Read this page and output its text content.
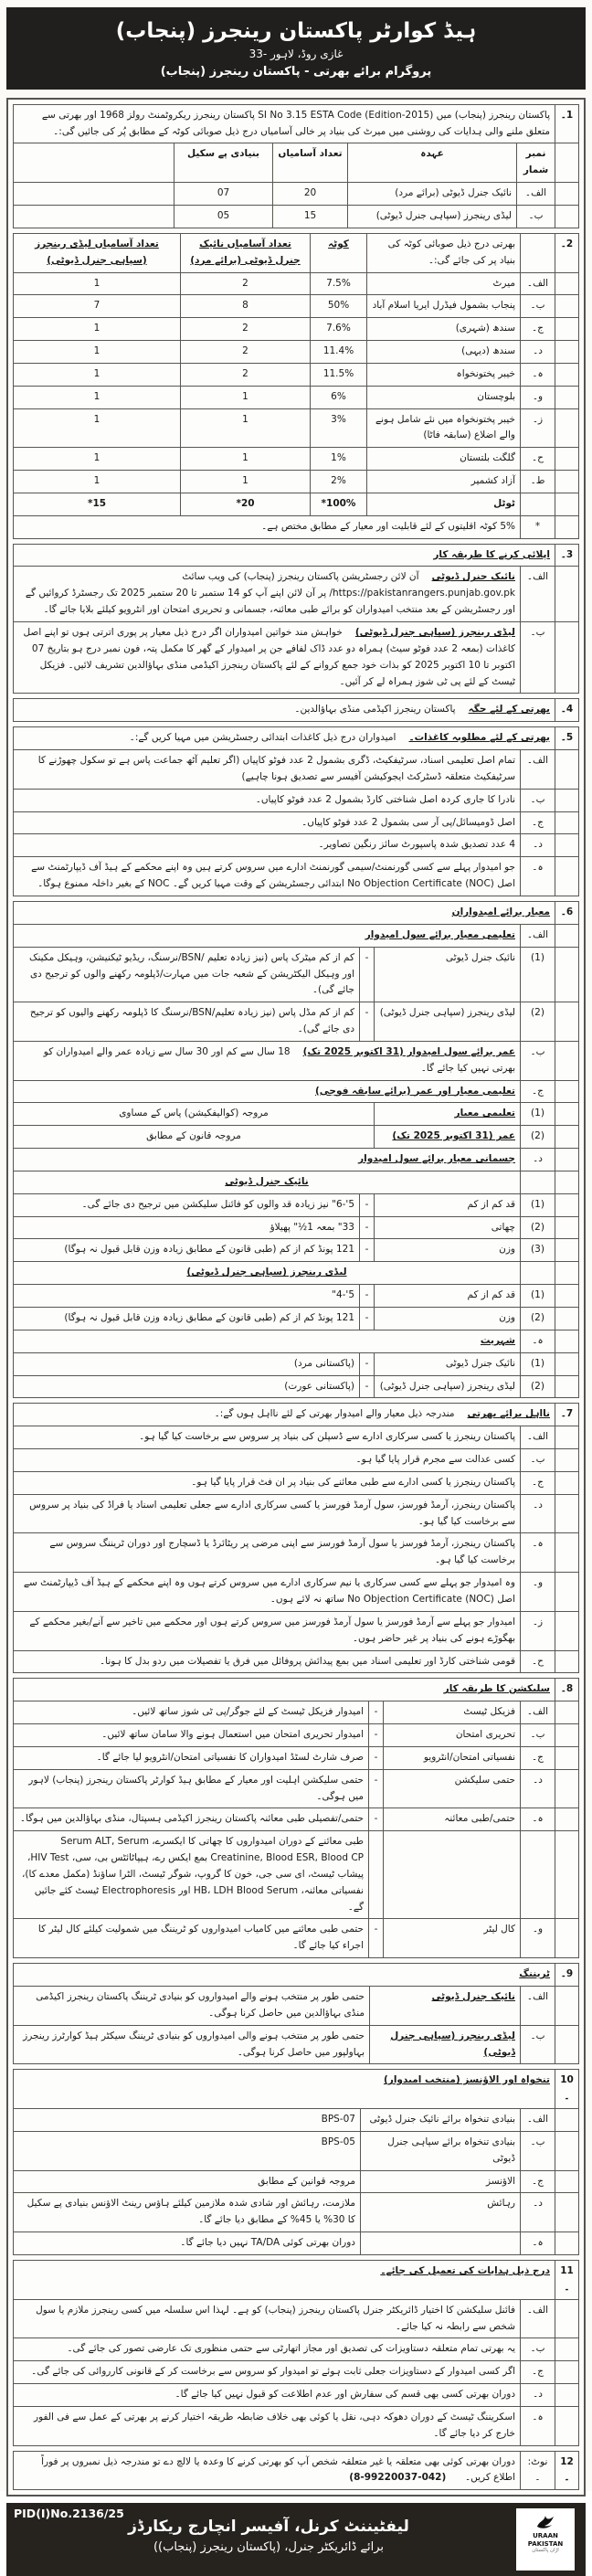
ہیڈ کوارٹر پاکستان رینجرز (پنجاب)
غازی روڈ، لاہور -33
پروگرام برائے بھرتی - پاکستان رینجرز (پنجاب)
1۔	پاکستان رینجرز (پنجاب) میں SI No 3.15 ESTA Code (Edition-2015) پاکستان رینجرز ریکروٹمنٹ رولز 1968 اور بھرتی سے متعلق ملنے والی ہدایات کی روشنی میں میرٹ کی بنیاد پر خالی آسامیاں درج ذیل صوبائی کوٹہ کے مطابق پُر کی جائیں گی:۔				
	نمبر شمار	عہدہ	تعداد آسامیاں	بنیادی پے سکیل	
	الف۔	نائیک جنرل ڈیوٹی (برائے مرد)	20	07	
	ب۔	لیڈی رینجرز (سپاہی جنرل ڈیوٹی)	15	05	
2۔		بھرتی درج ذیل صوبائی کوٹہ کی بنیاد پر کی جائے گی:۔	کوٹہ	تعداد آسامیاں نائیک جنرل ڈیوٹی (برائے مرد)	تعداد آسامیاں لیڈی رینجرز (سپاہی جنرل ڈیوٹی)
	الف۔	میرٹ	7.5%	2	1
	ب۔	پنجاب بشمول فیڈرل ایریا اسلام آباد	50%	8	7
	ج۔	سندھ (شہری)	7.6%	2	1
	د۔	سندھ (دیہی)	11.4%	2	1
	ہ۔	خیبر پختونخواہ	11.5%	2	1
	و۔	بلوچستان	6%	1	1
	ز۔	خیبر پختونخواہ میں نئے شامل ہونے والے اضلاع (سابقہ فاٹا)	3%	1	1
	ح۔	گلگت بلتستان	1%	1	1
	ط۔	آزاد کشمیر	2%	1	1
		ٹوٹل	100%*	20*	15*
	*	5% کوٹہ اقلیتوں کے لئے قابلیت اور معیار کے مطابق مختص ہے۔			
3۔	اپلائی کرنے کا طریقہ کار	
	الف۔	نائیک جنرل ڈیوٹیآن لائن رجسٹریشن پاکستان رینجرز (پنجاب) کی ویب سائٹ https://pakistanrangers.punjab.gov.pk/ پر آن لائن اپنے آپ کو 14 ستمبر تا 20 ستمبر 2025 تک رجسٹرڈ کروائیں گے اور رجسٹریشن کے بعد منتخب امیدواران کو برائے طبی معائنہ، جسمانی و تحریری امتحان اور انٹرویو کیلئے بلایا جائے گا۔
	ب۔	لیڈی رینجرز (سپاہی جنرل ڈیوٹی)خواہش مند خواتین امیدواران اگر درج ذیل معیار پر پوری اترتی ہوں تو اپنے اصل کاغذات (بمعہ 2 عدد فوٹو سیٹ) ہمراہ دو عدد ڈاک لفافے جن پر امیدوار کے گھر کا مکمل پتہ، فون نمبر درج ہو بتاریخ 07 اکتوبر تا 10 اکتوبر 2025 کو بذات خود جمع کروانے کے لئے پاکستان رینجرز اکیڈمی منڈی بہاؤالدین تشریف لائیں۔ فزیکل ٹیسٹ کے لئے پی ٹی شوز ہمراہ لے کر آئیں۔
4۔	بھرتی کے لئے جگہپاکستان رینجرز اکیڈمی منڈی بہاؤالدین۔
5۔	بھرتی کے لئے مطلوبہ کاغذات۔امیدواران درج ذیل کاغذات ابتدائی رجسٹریشن میں مہیا کریں گے:۔	
	الف۔	تمام اصل تعلیمی اسناد، سرٹیفکیٹ، ڈگری بشمول 2 عدد فوٹو کاپیاں (اگر تعلیم آٹھ جماعت پاس ہے تو سکول چھوڑنے کا سرٹیفکیٹ متعلقہ ڈسٹرکٹ ایجوکیشن آفیسر سے تصدیق ہونا چاہیے)
	ب۔	نادرا کا جاری کردہ اصل شناختی کارڈ بشمول 2 عدد فوٹو کاپیاں۔
	ج۔	اصل ڈومیسائل/پی آر سی بشمول 2 عدد فوٹو کاپیاں۔
	د۔	4 عدد تصدیق شدہ پاسپورٹ سائز رنگین تصاویر۔
	ہ۔	جو امیدوار پہلے سے کسی گورنمنٹ/سیمی گورنمنٹ ادارے میں سروس کرتے ہیں وہ اپنے محکمے کے ہیڈ آف ڈیپارٹمنٹ سے اصل No Objection Certificate (NOC) ابتدائی رجسٹریشن کے وقت مہیا کریں گے۔ NOC کے بغیر داخلہ ممنوع ہوگا۔
6۔	معیار برائے امیدواران			
	الف۔	تعلیمی معیار برائے سول امیدوار		
	(1)	نائیک جنرل ڈیوٹی	-	کم از کم میٹرک پاس (نیز زیادہ تعلیم /BSN/نرسنگ، ریڈیو ٹیکنیشن، وہیکل مکینک اور وہیکل الیکٹریشن کے شعبہ جات میں مہارت/ڈپلومہ رکھنے والوں کو ترجیح دی جائے گی)۔
	(2)	لیڈی رینجرز (سپاہی جنرل ڈیوٹی)	-	کم از کم مڈل پاس (نیز زیادہ تعلیم/BSN/نرسنگ کا ڈپلومہ رکھنے والیوں کو ترجیح دی جائے گی)۔
	ب۔	عمر برائے سول امیدوار (31 اکتوبر 2025 تک)18 سال سے کم اور 30 سال سے زیادہ عمر والے امیدواران کو بھرتی نہیں کیا جائے گا۔		
	ج۔	تعلیمی معیار اور عمر (برائے سابقہ فوجی)		
	(1)	تعلیمی معیار	مروجہ (کوالیفکیشن) پاس کے مساوی	
	(2)	عمر (31 اکتوبر 2025 تک)	مروجہ قانون کے مطابق	
	د۔	جسمانی معیار برائے سول امیدوار		
		نائیک جنرل ڈیوٹی		
	(1)	قد کم از کم	-	5'-6" نیز زیادہ قد والوں کو فائنل سلیکشن میں ترجیح دی جائے گی۔
	(2)	چھاتی	-	33" بمعہ 1½" پھیلاؤ
	(3)	وزن	-	121 پونڈ کم از کم (طبی قانون کے مطابق زیادہ وزن قابل قبول نہ ہوگا)
		لیڈی رینجرز (سپاہی جنرل ڈیوٹی)		
	(1)	قد کم از کم	-	5'-4"
	(2)	وزن	-	121 پونڈ کم از کم (طبی قانون کے مطابق زیادہ وزن قابل قبول نہ ہوگا)
	ہ۔	شہریت		
	(1)	نائیک جنرل ڈیوٹی	-	(پاکستانی مرد)
	(2)	لیڈی رینجرز (سپاہی جنرل ڈیوٹی)	-	(پاکستانی عورت)
7۔	نااہل برائے بھرتیمندرجہ ذیل معیار والے امیدوار بھرتی کے لئے نااہل ہوں گے:۔	
	الف۔	پاکستان رینجرز یا کسی سرکاری ادارے سے ڈسپلن کی بنیاد پر سروس سے برخاست کیا گیا ہو۔
	ب۔	کسی عدالت سے مجرم قرار پایا گیا ہو۔
	ج۔	پاکستان رینجرز یا کسی ادارے سے طبی معائنے کی بنیاد پر ان فٹ قرار پایا گیا ہو۔
	د۔	پاکستان رینجرز، آرمڈ فورسز، سول آرمڈ فورسز یا کسی سرکاری ادارے سے جعلی تعلیمی اسناد یا فراڈ کی بنیاد پر سروس سے برخاست کیا گیا ہو۔
	ہ۔	پاکستان رینجرز، آرمڈ فورسز یا سول آرمڈ فورسز سے اپنی مرضی پر ریٹائرڈ یا ڈسچارج اور دوران ٹریننگ سروس سے برخاست کیا گیا ہو۔
	و۔	وہ امیدوار جو پہلے سے کسی سرکاری یا نیم سرکاری ادارے میں سروس کرتے ہوں وہ اپنے محکمے کے ہیڈ آف ڈیپارٹمنٹ سے اصل No Objection Certificate (NOC) ساتھ نہ لائے ہوں۔
	ز۔	امیدوار جو پہلے سے آرمڈ فورسز یا سول آرمڈ فورسز میں سروس کرتے ہوں اور محکمے میں تاخیر سے آنے/بغیر محکمے کے بھگوڑے ہونے کی بنیاد پر غیر حاضر ہوں۔
	ح۔	قومی شناختی کارڈ اور تعلیمی اسناد میں بمع پیدائش پروفائل میں فرق یا تفصیلات میں ردو بدل کا ہونا۔
8۔	سلیکشن کا طریقہ کار			
	الف۔	فزیکل ٹیسٹ	-	امیدوار فزیکل ٹیسٹ کے لئے جوگر/پی ٹی شوز ساتھ لائیں۔
	ب۔	تحریری امتحان	-	امیدوار تحریری امتحان میں استعمال ہونے والا سامان ساتھ لائیں۔
	ج۔	نفسیاتی امتحان/انٹرویو	-	صرف شارٹ لسٹڈ امیدواران کا نفسیاتی امتحان/انٹرویو لیا جائے گا۔
	د۔	حتمی سلیکشن	-	حتمی سلیکشن اہلیت اور معیار کے مطابق ہیڈ کوارٹر پاکستان رینجرز (پنجاب) لاہور میں ہوگی۔
	ہ۔	حتمی/طبی معائنہ	-	حتمی/تفصیلی طبی معائنہ پاکستان رینجرز اکیڈمی ہسپتال، منڈی بہاؤالدین میں ہوگا۔
				طبی معائنے کے دوران امیدواروں کا چھاتی کا ایکسرے، Serum ALT, Serum Creatinine, Blood ESR, Blood CP بمع ایکس رے، ہیپاٹائٹس بی، سی، HIV Test، پیشاب ٹیسٹ، ای سی جی، خون کا گروپ، شوگر ٹیسٹ، الٹرا ساؤنڈ (مکمل معدے کا)، نفسیاتی معائنہ، HB، LDH Blood Serum اور Electrophoresis ٹیسٹ کئے جائیں گے۔
	و۔	کال لیٹر	-	حتمی طبی معائنے میں کامیاب امیدواروں کو ٹریننگ میں شمولیت کیلئے کال لیٹر کا اجراء کیا جائے گا۔
9۔	ٹریننگ		
	الف۔	نائیک جنرل ڈیوٹی	حتمی طور پر منتخب ہونے والے امیدواروں کو بنیادی ٹریننگ پاکستان رینجرز اکیڈمی منڈی بہاؤالدین میں حاصل کرنا ہوگی۔
	ب۔	لیڈی رینجرز (سپاہی جنرل ڈیوٹی)	حتمی طور پر منتخب ہونے والی امیدواروں کو بنیادی ٹریننگ سیکٹر ہیڈ کوارٹرز رینجرز بہاولپور میں حاصل کرنا ہوگی۔
10۔	تنخواہ اور الاؤنسز (منتخب امیدوار)		
	الف۔	بنیادی تنخواہ برائے نائیک جنرل ڈیوٹی	BPS-07
	ب۔	بنیادی تنخواہ برائے سپاہی جنرل ڈیوٹی	BPS-05
	ج۔	الاؤنسز	مروجہ قوانین کے مطابق
	د۔	رہائش	ملازمت، رہائش اور شادی شدہ ملازمین کیلئے ہاؤس رینٹ الاؤنس بنیادی پے سکیل کا 30% یا 45% کے مطابق دیا جائے گا۔
	ہ۔		دوران بھرتی کوئی TA/DA نہیں دیا جائے گا۔
11۔	درج ذیل ہدایات کی تعمیل کی جائے۔	
	الف۔	فائنل سلیکشن کا اختیار ڈائریکٹر جنرل پاکستان رینجرز (پنجاب) کو ہے۔ لہذا اس سلسلہ میں کسی رینجرز ملازم یا سول شخص سے رابطہ نہ کیا جائے۔
	ب۔	یہ بھرتی تمام متعلقہ دستاویزات کی تصدیق اور مجاز اتھارٹی سے حتمی منظوری تک عارضی تصور کی جائے گی۔
	ج۔	اگر کسی امیدوار کے دستاویزات جعلی ثابت ہوئے تو امیدوار کو سروس سے برخاست کر کے قانونی کارروائی کی جائے گی۔
	د۔	دوران بھرتی کسی بھی قسم کی سفارش اور عدم اطلاعت کو قبول نہیں کیا جائے گا۔
	ہ۔	اسکریننگ ٹیسٹ کے دوران دھوکہ دہی، نقل یا کوئی بھی خلاف ضابطہ طریقہ اختیار کرنے پر بھرتی کے عمل سے فی الفور خارج کر دیا جائے گا۔
12۔	نوٹ:۔	دوران بھرتی کوئی بھی متعلقہ یا غیر متعلقہ شخص آپ کو بھرتی کرنے کا وعدہ یا لالچ دے تو مندرجہ ذیل نمبروں پر فوراً اطلاع کریں۔  (042-99220037-8)
PID(I)No.2136/25
لیفٹیننٹ کرنل، آفیسر انچارج ریکارڈز
برائے ڈائریکٹر جنرل، (پاکستان رینجرز (پنجاب))
URAAN PAKISTAN
اڑان پاکستان
